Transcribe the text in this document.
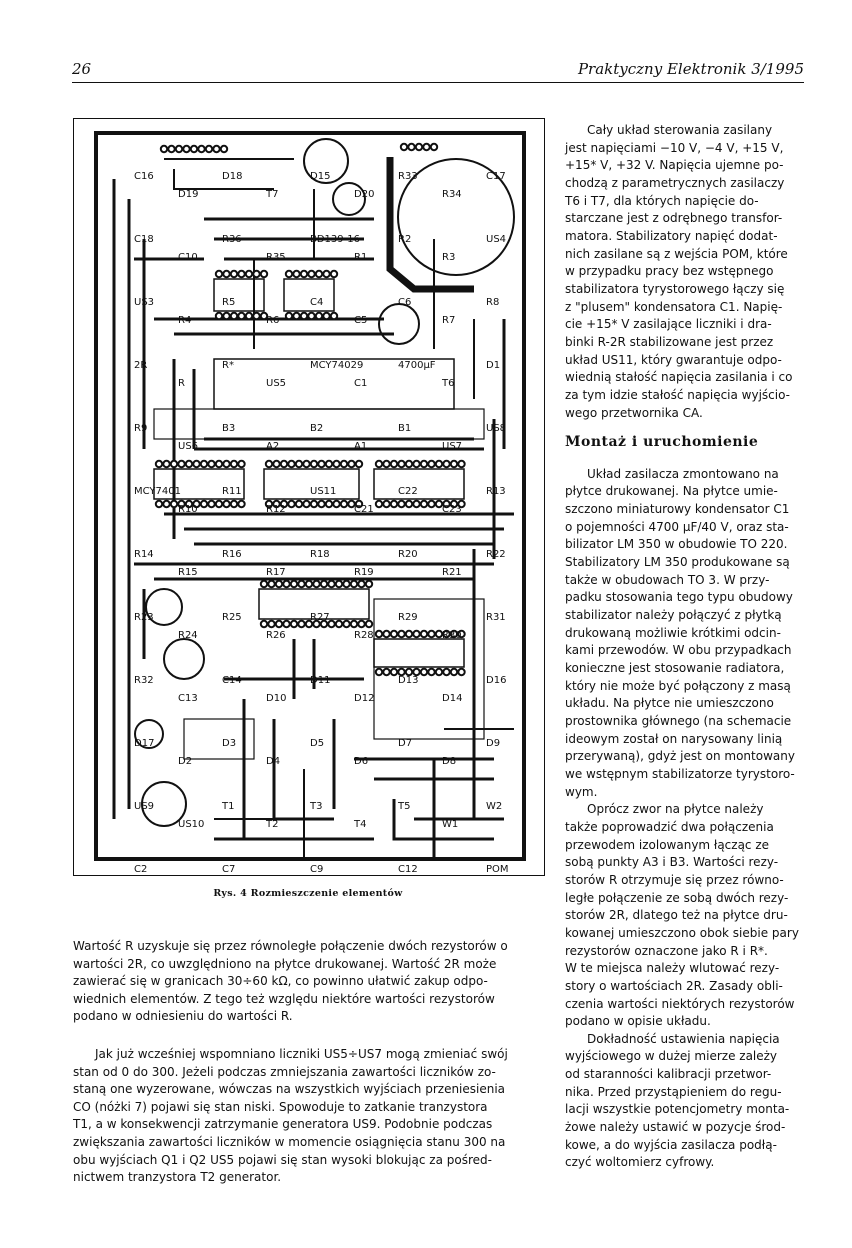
26	Praktyczny Elektronik 3/1995
C16
D19
D18
T7
D15
D20
R33
R34
C17
C18
C10
R36
R35
BD139-16
R1
R2
R3
US4
US3
R4
R5
R6
C4
C5
C6
R7
R8
2R
R
R*
US5
MCY74029
C1
4700µF
T6
D1
R9
US6
B3
A2
B2
A1
B1
US7
US8
MCY7401
R10
R11
R12
US11
C21
C22
C23
R13
R14
R15
R16
R17
R18
R19
R20
R21
R22
R23
R24
R25
R26
R27
R28
R29
R30
R31
R32
C13
C14
D10
D11
D12
D13
D14
D16
D17
D2
D3
D4
D5
D6
D7
D8
D9
US9
US10
T1
T2
T3
T4
T5
W1
W2
C2	C7	C9	C12	POM
Rys. 4 Rozmieszczenie elementów

Wartość R uzyskuje się przez równoległe połączenie dwóch rezystorów o

wartości 2R, co uwzględniono na płytce drukowanej. Wartość 2R może

zawierać się w granicach 30÷60 kΩ, co powinno ułatwić zakup odpo-

wiednich elementów. Z tego też względu niektóre wartości rezystorów

podano w odniesieniu do wartości R.

Jak już wcześniej wspomniano liczniki US5÷US7 mogą zmieniać swój

stan od 0 do 300. Jeżeli podczas zmniejszania zawartości liczników zo-

staną one wyzerowane, wówczas na wszystkich wyjściach przeniesienia

CO (nóżki 7) pojawi się stan niski. Spowoduje to zatkanie tranzystora

T1, a w konsekwencji zatrzymanie generatora US9. Podobnie podczas

zwiększania zawartości liczników w momencie osiągnięcia stanu 300 na

obu wyjściach Q1 i Q2 US5 pojawi się stan wysoki blokując za pośred-

nictwem tranzystora T2 generator.

Cały układ sterowania zasilany

jest napięciami −10 V, −4 V, +15 V,

+15* V, +32 V. Napięcia ujemne po-

chodzą z parametrycznych zasilaczy

T6 i T7, dla których napięcie do-

starczane jest z odrębnego transfor-

matora. Stabilizatory napięć dodat-

nich zasilane są z wejścia POM, które

w przypadku pracy bez wstępnego

stabilizatora tyrystorowego łączy się

z "plusem" kondensatora C1. Napię-

cie +15* V zasilające liczniki i dra-

binki R-2R stabilizowane jest przez

układ US11, który gwarantuje odpo-

wiednią stałość napięcia zasilania i co

za tym idzie stałość napięcia wyjścio-

wego przetwornika CA.

Montaż i uruchomienie

Układ zasilacza zmontowano na

płytce drukowanej. Na płytce umie-

szczono miniaturowy kondensator C1

o pojemności 4700 µF/40 V, oraz sta-

bilizator LM 350 w obudowie TO 220.

Stabilizatory LM 350 produkowane są

także w obudowach TO 3. W przy-

padku stosowania tego typu obudowy

stabilizator należy połączyć z płytką

drukowaną możliwie krótkimi odcin-

kami przewodów. W obu przypadkach

konieczne jest stosowanie radiatora,

który nie może być połączony z masą

układu. Na płytce nie umieszczono

prostownika głównego (na schemacie

ideowym został on narysowany linią

przerywaną), gdyż jest on montowany

we wstępnym stabilizatorze tyrystoro-

wym.

Oprócz zwor na płytce należy

także poprowadzić dwa połączenia

przewodem izolowanym łącząc ze

sobą punkty A3 i B3. Wartości rezy-

storów R otrzymuje się przez równo-

ległe połączenie ze sobą dwóch rezy-

storów 2R, dlatego też na płytce dru-

kowanej umieszczono obok siebie pary

rezystorów oznaczone jako R i R*.

W te miejsca należy wlutować rezy-

story o wartościach 2R. Zasady obli-

czenia wartości niektórych rezystorów

podano w opisie układu.

Dokładność ustawienia napięcia

wyjściowego w dużej mierze zależy

od staranności kalibracji przetwor-

nika. Przed przystąpieniem do regu-

lacji wszystkie potencjometry monta-

żowe należy ustawić w pozycje środ-

kowe, a do wyjścia zasilacza podłą-

czyć woltomierz cyfrowy.
